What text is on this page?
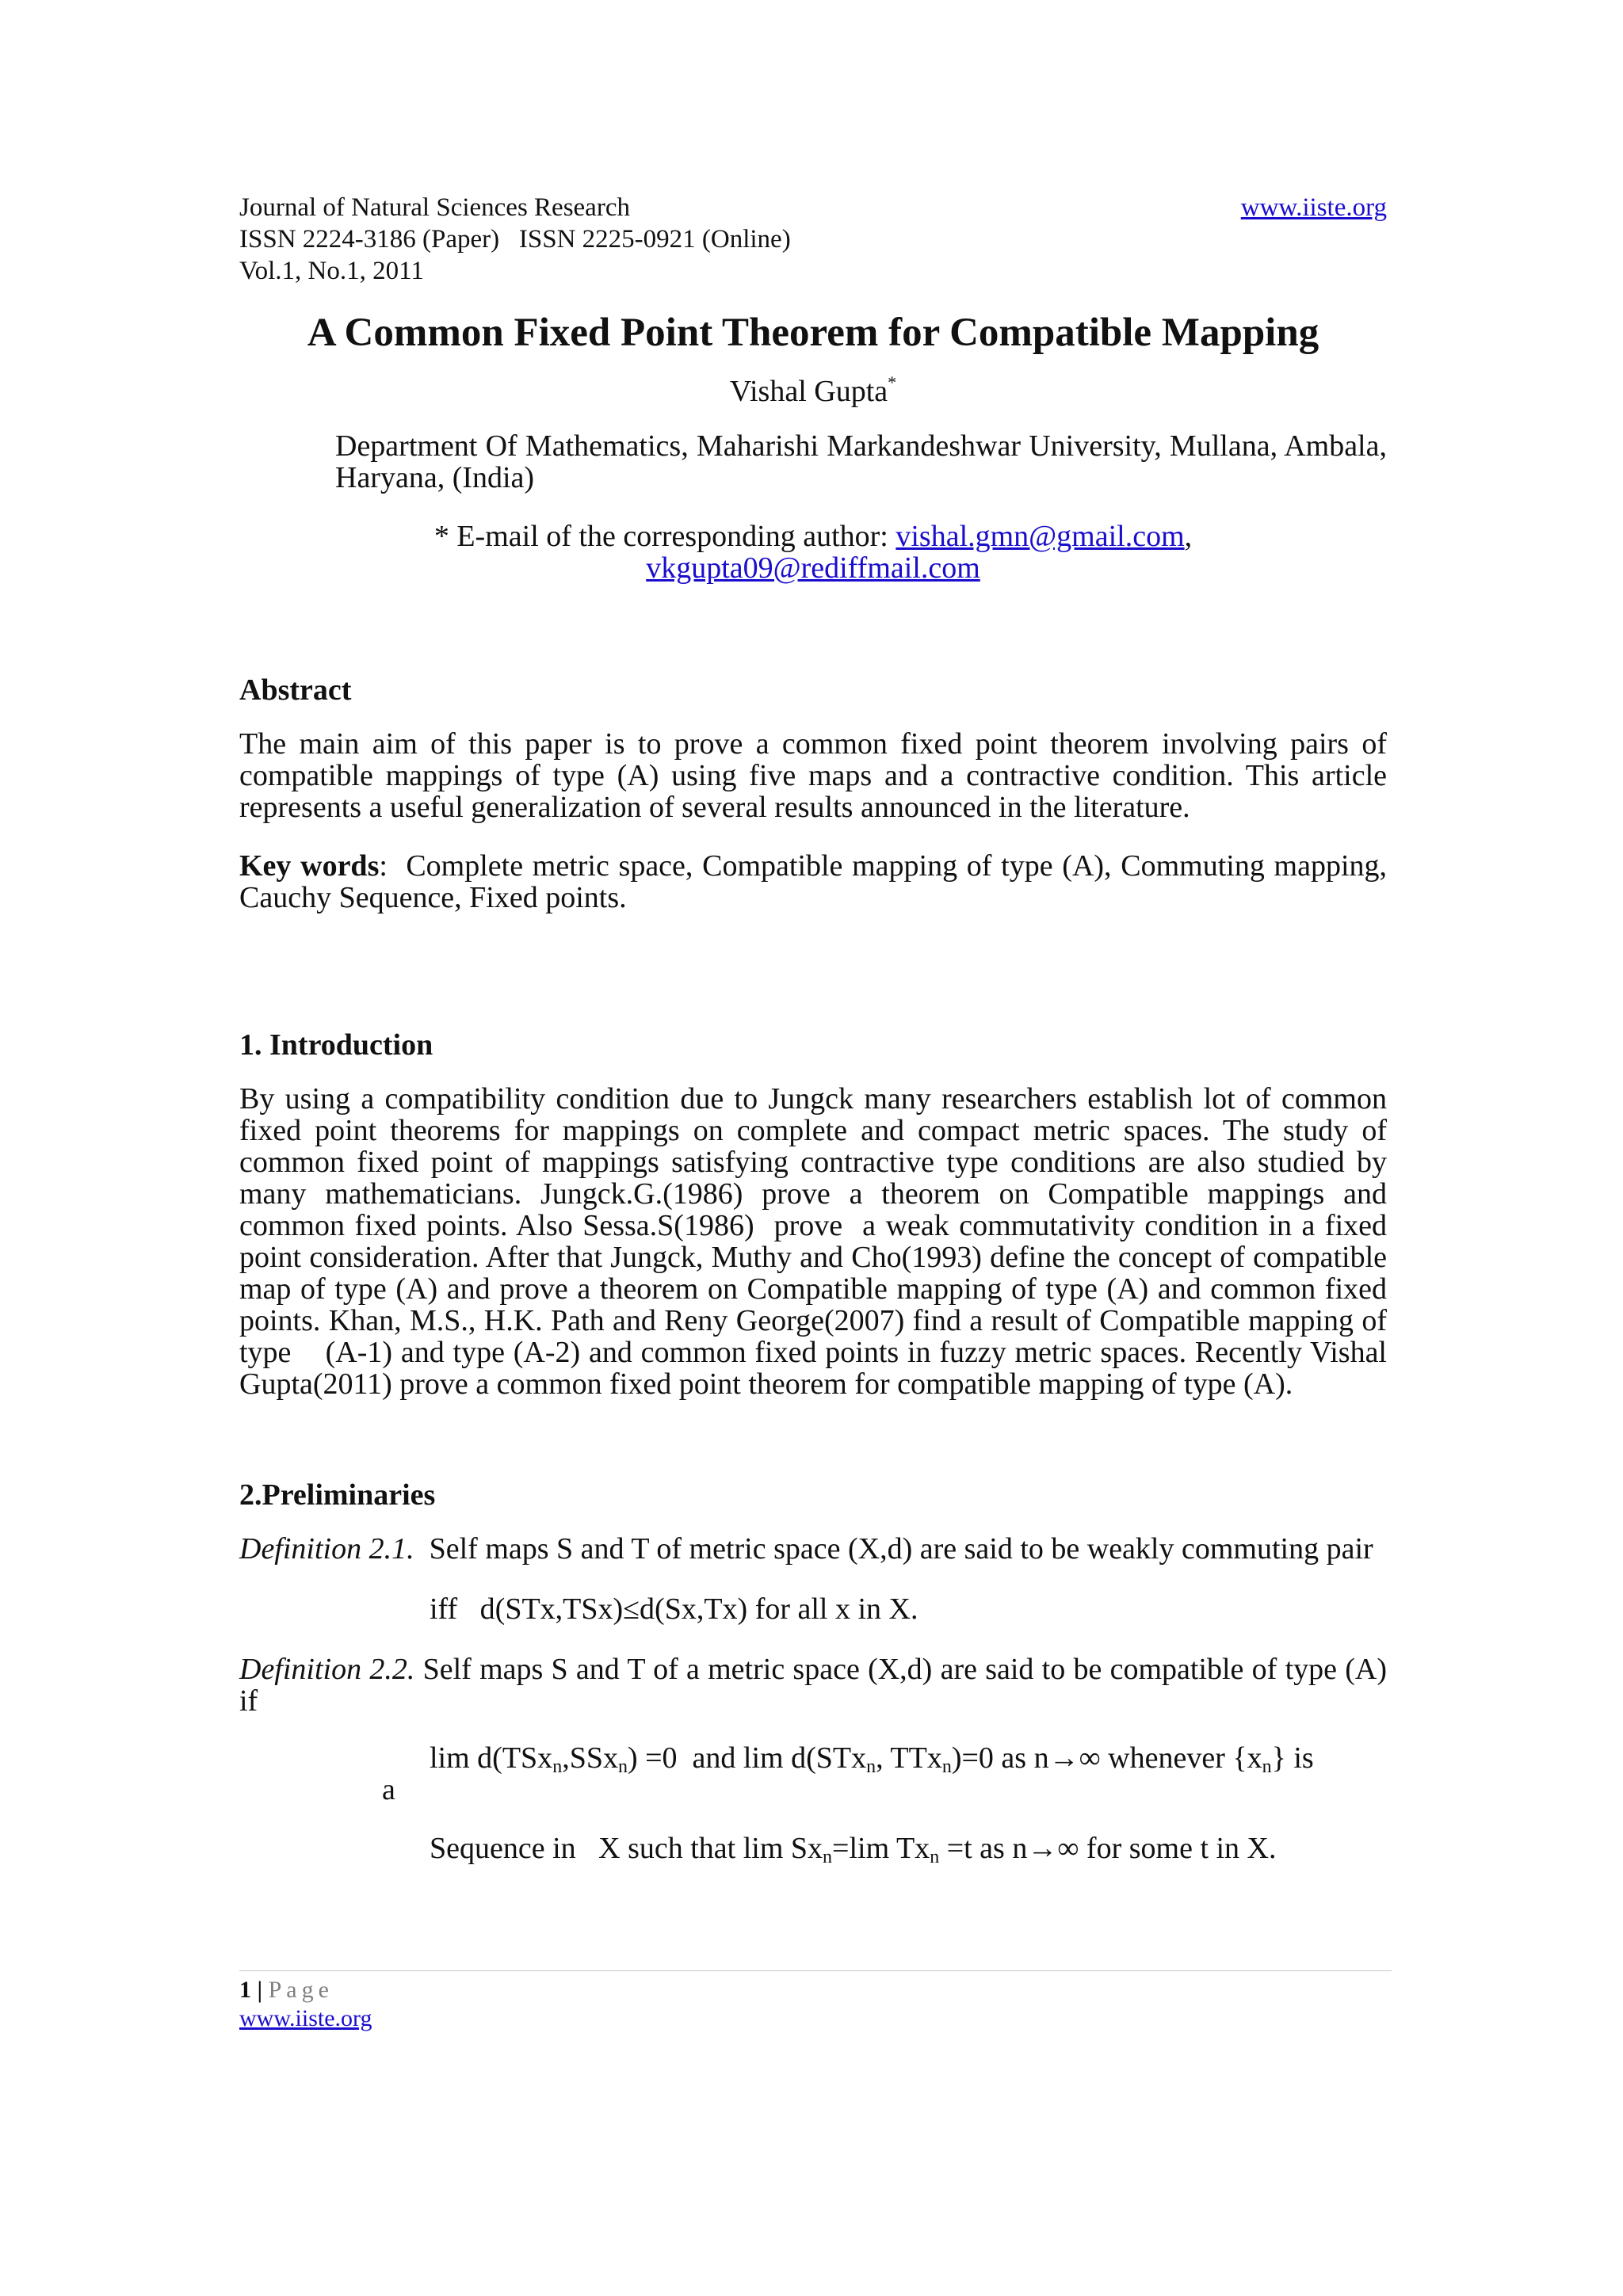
Journal of Natural Sciences Research	www.iiste.org
ISSN 2224-3186 (Paper)   ISSN 2225-0921 (Online)
Vol.1, No.1, 2011
A Common Fixed Point Theorem for Compatible Mapping
Vishal Gupta*
Department Of Mathematics, Maharishi Markandeshwar University, Mullana, Ambala, Haryana, (India)
* E-mail of the corresponding author: vishal.gmn@gmail.com,
vkgupta09@rediffmail.com
Abstract

The main aim of this paper is to prove a common fixed point theorem involving pairs of compatible mappings of type (A) using five maps and a contractive condition. This article represents a useful generalization of several results announced in the literature.

Key words:  Complete metric space, Compatible mapping of type (A), Commuting mapping, Cauchy Sequence, Fixed points.

1. Introduction

By using a compatibility condition due to Jungck many researchers establish lot of common fixed point theorems for mappings on complete and compact metric spaces. The study of common fixed point of mappings satisfying contractive type conditions are also studied by many mathematicians. Jungck.G.(1986) prove a theorem on Compatible mappings and common fixed points. Also Sessa.S(1986)  prove  a weak commutativity condition in a fixed point consideration. After that Jungck, Muthy and Cho(1993) define the concept of compatible map of type (A) and prove a theorem on Compatible mapping of type (A) and common fixed points. Khan, M.S., H.K. Path and Reny George(2007) find a result of Compatible mapping of type    (A-1) and type (A-2) and common fixed points in fuzzy metric spaces. Recently Vishal Gupta(2011) prove a common fixed point theorem for compatible mapping of type (A).

2.Preliminaries

Definition 2.1.  Self maps S and T of metric space (X,d) are said to be weakly commuting pair

iff   d(STx,TSx)≤d(Sx,Tx) for all x in X.

Definition 2.2. Self maps S and T of a metric space (X,d) are said to be compatible of type (A) if

lim d(TSx$_n$,SSx$_n$) =0  and lim d(STx$_n$, TTx$_n$)=0 as n→∞ whenever $\{x_n\}$ is

a

Sequence in   X such that $\lim Sx_n=\lim$ $Tx_n =t$ as n→∞ for some t in X.

1 | Page
www.iiste.org
